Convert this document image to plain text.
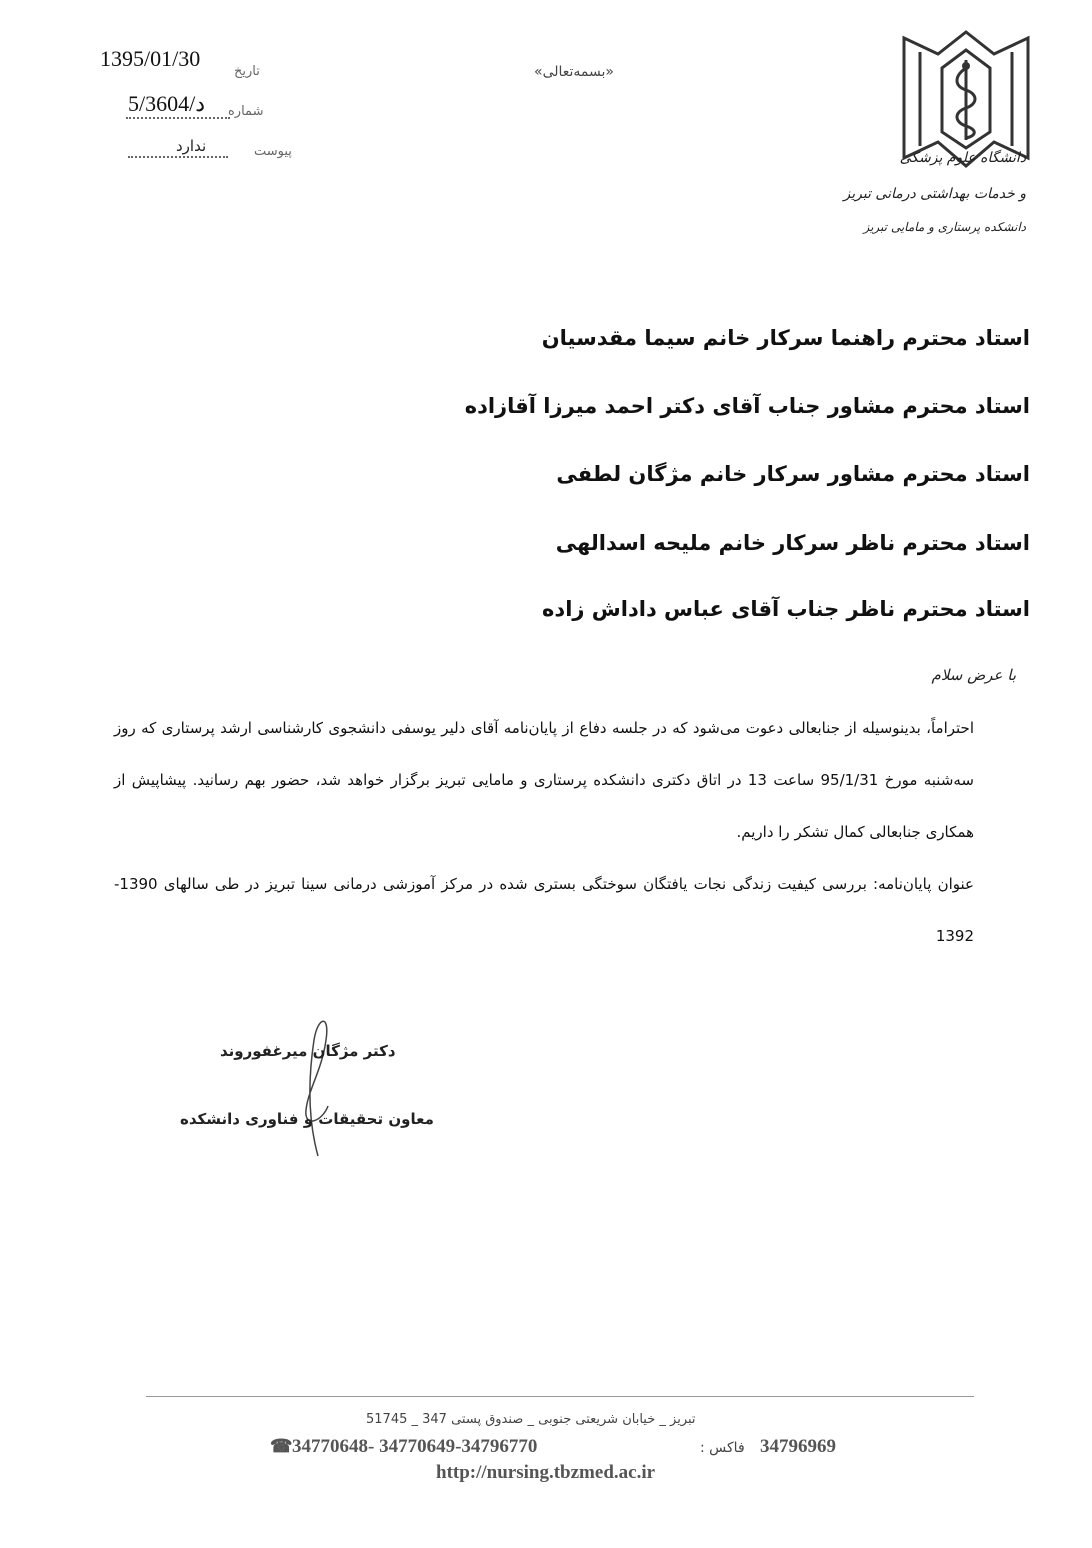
1395/01/30
تاریخ
5/د/3604 شماره
ندارد	پیوست
«بسمه‌تعالی»
دانشگاه علوم پزشکی
و خدمات بهداشتی درمانی تبریز
دانشکده پرستاری و مامایی تبریز
استاد محترم راهنما سرکار خانم سیما مقدسیان
استاد محترم مشاور جناب آقای دکتر احمد میرزا آقازاده
استاد محترم مشاور سرکار خانم مژگان لطفی
استاد محترم ناظر سرکار خانم ملیحه اسدالهی
استاد محترم ناظر جناب آقای عباس داداش زاده
با عرض سلام
احتراماً، بدینوسیله از جنابعالی دعوت می‌شود که در جلسه دفاع از پایان‌نامه آقای دلیر یوسفی دانشجوی کارشناسی ارشد پرستاری که روز سه‌شنبه مورخ 95/1/31 ساعت 13 در اتاق دکتری دانشکده پرستاری و مامایی تبریز برگزار خواهد شد، حضور بهم رسانید. پیشاپیش از همکاری جنابعالی کمال تشکر را داریم.
عنوان پایان‌نامه: بررسی کیفیت زندگی نجات یافتگان سوختگی بستری شده در مرکز آموزشی درمانی سینا تبریز در طی سالهای 1390-1392
دکتر مژگان میرغفوروند
معاون تحقیقات و فناوری دانشکده
تبریز _ خیابان شریعتی جنوبی _ صندوق پستی 347 _ 51745
☎ 34770648- 34770649-34796770	فاکس : 34796969
http://nursing.tbzmed.ac.ir
